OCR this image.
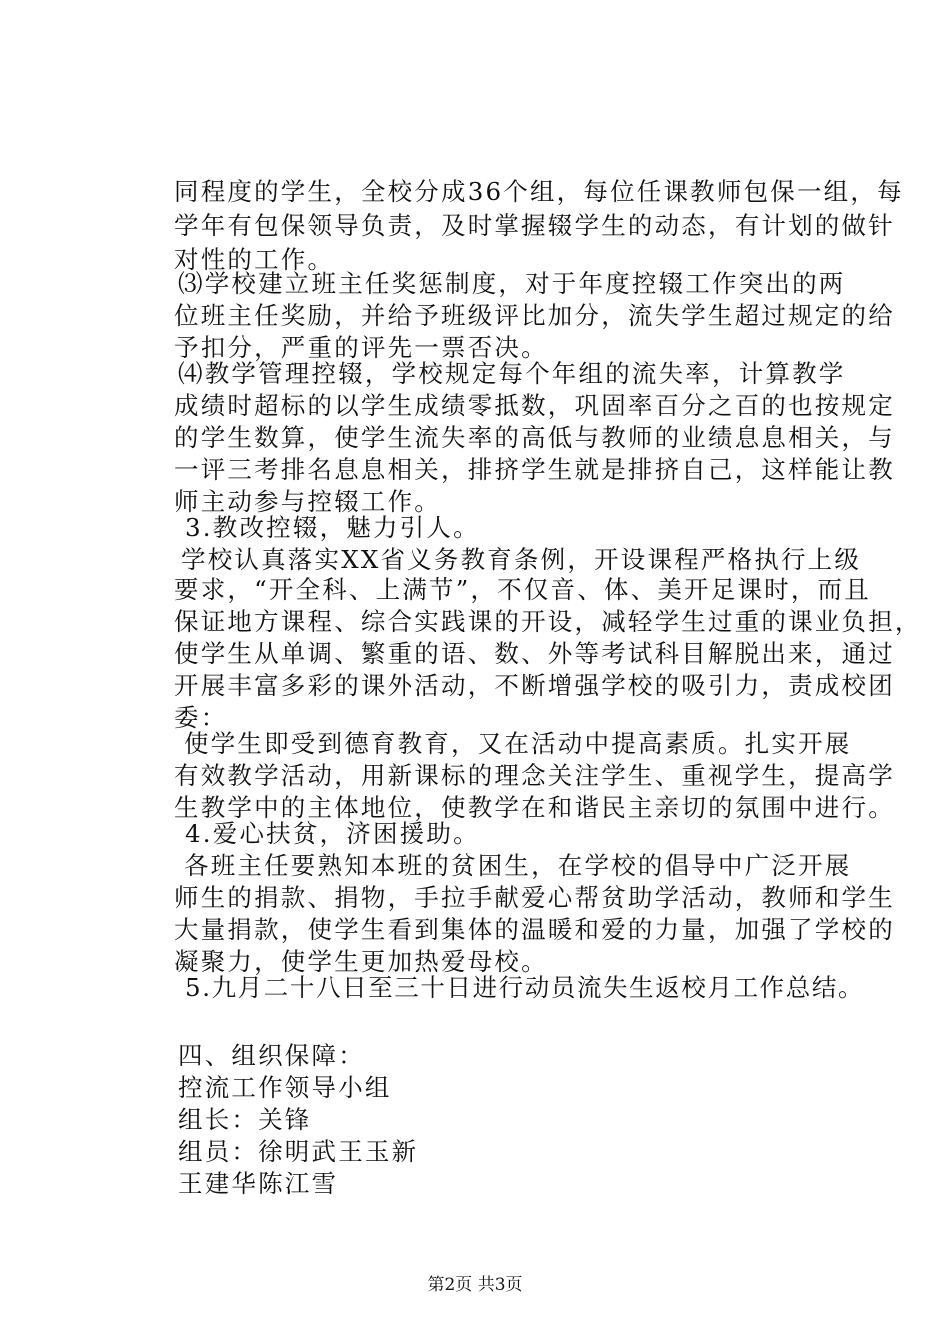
同程度的学生，全校分成36个组，每位任课教师包保一组，每
学年有包保领导负责，及时掌握辍学生的动态，有计划的做针
对性的工作。
⑶学校建立班主任奖惩制度，对于年度控辍工作突出的两
位班主任奖励，并给予班级评比加分，流失学生超过规定的给
予扣分，严重的评先一票否决。
⑷教学管理控辍，学校规定每个年组的流失率，计算教学
成绩时超标的以学生成绩零抵数，巩固率百分之百的也按规定
的学生数算，使学生流失率的高低与教师的业绩息息相关，与
一评三考排名息息相关，排挤学生就是排挤自己，这样能让教
师主动参与控辍工作。
3.教改控辍，魅力引人。
学校认真落实XX省义务教育条例，开设课程严格执行上级
要求，“开全科、上满节”，不仅音、体、美开足课时，而且
保证地方课程、综合实践课的开设，减轻学生过重的课业负担，
使学生从单调、繁重的语、数、外等考试科目解脱出来，通过
开展丰富多彩的课外活动，不断增强学校的吸引力，责成校团
委：
使学生即受到德育教育，又在活动中提高素质。扎实开展
有效教学活动，用新课标的理念关注学生、重视学生，提高学
生教学中的主体地位，使教学在和谐民主亲切的氛围中进行。
4.爱心扶贫，济困援助。
各班主任要熟知本班的贫困生，在学校的倡导中广泛开展
师生的捐款、捐物，手拉手献爱心帮贫助学活动，教师和学生
大量捐款，使学生看到集体的温暖和爱的力量，加强了学校的
凝聚力，使学生更加热爱母校。
5.九月二十八日至三十日进行动员流失生返校月工作总结。
四、组织保障：
控流工作领导小组
组长：关锋
组员：徐明武王玉新
王建华陈江雪
第2页 共3页
